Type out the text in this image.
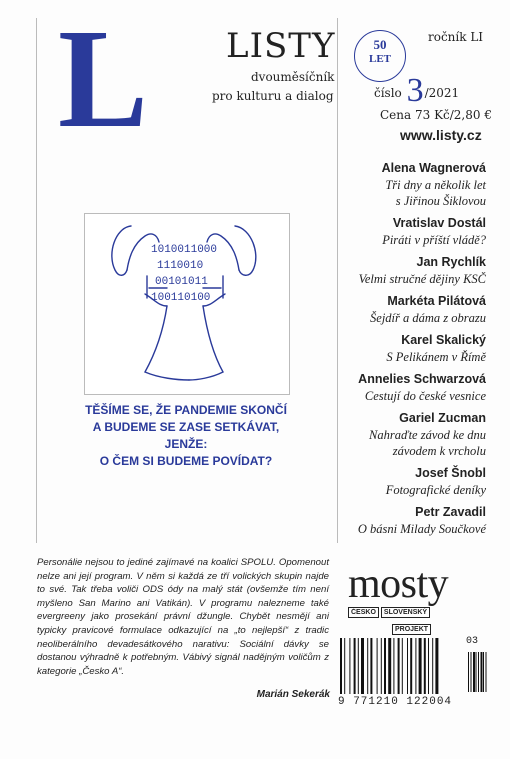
L LISTY
dvouměsíčník
pro kulturu a dialog
50
LET
ročník LI
číslo 3/2021
Cena 73 Kč/2,80 €
www.listy.cz
Alena Wagnerová
Tři dny a několik let
s Jiřinou Šiklovou
Vratislav Dostál
Piráti v příští vládě?
Jan Rychlík
Velmi stručné dějiny KSČ
Markéta Pilátová
Šejdíř a dáma z obrazu
Karel Skalický
S Pelikánem v Římě
Annelies Schwarzová
Cestují do české vesnice
Gariel Zucman
Nahraďte závod ke dnu
závodem k vrcholu
Josef Šnobl
Fotografické deníky
Petr Zavadil
O básni Milady Součkové
1010011000
1110010
00101011
100110100
TĚŠÍME SE, ŽE PANDEMIE SKONČÍ
A BUDEME SE ZASE SETKÁVAT, JENŽE:
O ČEM SI BUDEME POVÍDAT?
Personálie nejsou to jediné zajímavé na koalici SPOLU. Opomenout nelze ani její program. V něm si každá ze tří volických skupin najde to své. Tak třeba voliči ODS ódy na malý stát (ovšemže tím není myšleno San Marino ani Vatikán). V programu nalezneme také evergreeny jako prosekání právní džungle. Chybět nesmějí ani typicky pravicové formulace odkazující na „to nejlepší“ z tradic neoliberálního devadesátkového narativu: Sociální dávky se dostanou výhradně k potřebným. Vábivý signál nadějným voličům z kategorie „Česko A“.
Marián Sekerák
mosty
ČESKO	SLOVENSKÝ
PROJEKT
03
9 771210 122004
